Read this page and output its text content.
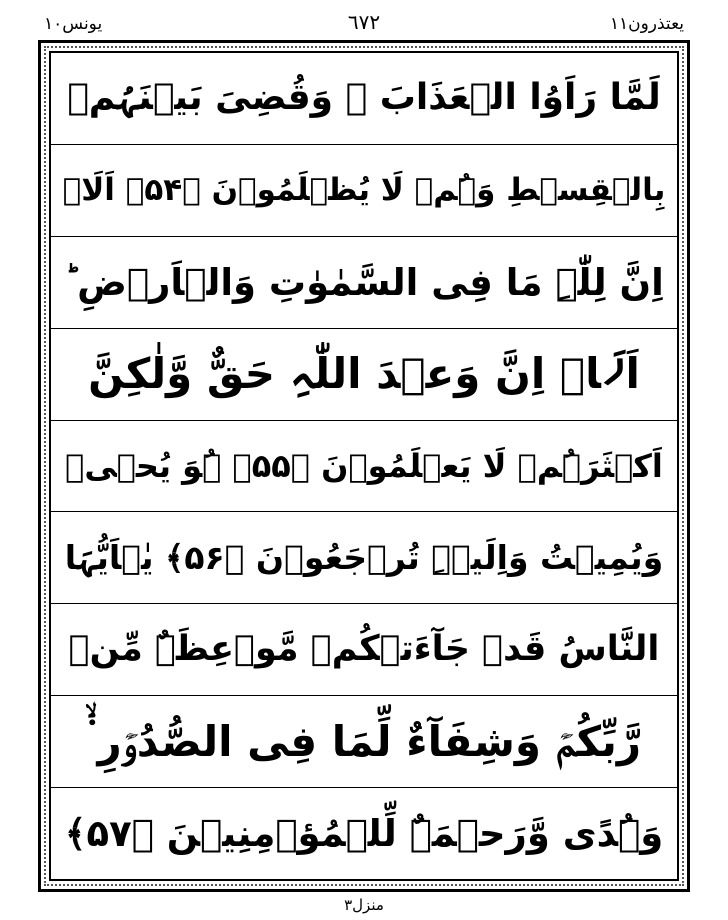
یعتذرون١١
٦٧٢
یونس١٠
لَمَّا رَاَوُا الۡعَذَابَ ۚ وَقُضِیَ بَیۡنَہُمۡ
بِالۡقِسۡطِ وَہُمۡ لَا یُظۡلَمُوۡنَ ﴿۵۴﴾ اَلَاۤ
اِنَّ لِلّٰہِ مَا فِی السَّمٰوٰتِ وَالۡاَرۡضِ ؕ
اَلَاۤ اِنَّ وَعۡدَ اللّٰہِ حَقٌّ وَّلٰکِنَّ
اَکۡثَرَہُمۡ لَا یَعۡلَمُوۡنَ ﴿۵۵﴾ ہُوَ یُحۡیٖ
وَیُمِیۡتُ وَاِلَیۡہِ تُرۡجَعُوۡنَ ﴿۵۶﴾ یٰۤاَیُّہَا
النَّاسُ قَدۡ جَآءَتۡکُمۡ مَّوۡعِظَۃٌ مِّنۡ
رَّبِّکُمۡ وَشِفَآءٌ لِّمَا فِی الصُّدُوۡرِ ۬ۙ
وَہُدًی وَّرَحۡمَۃٌ لِّلۡمُؤۡمِنِیۡنَ ﴿۵۷﴾
منزل٣
